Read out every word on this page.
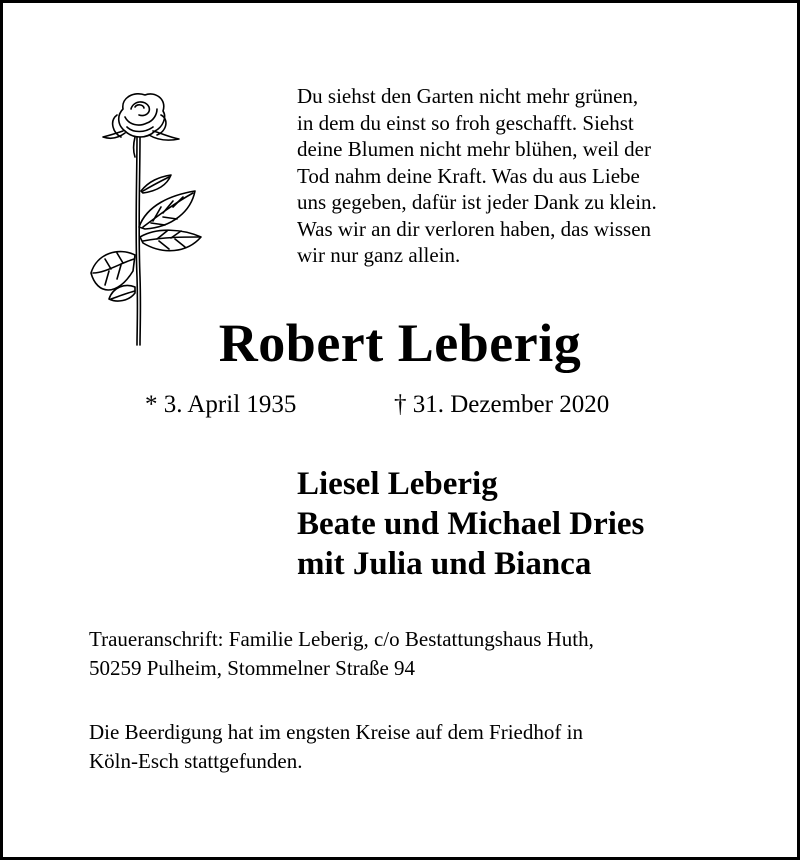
Du siehst den Garten nicht mehr grünen,
in dem du einst so froh geschafft. Siehst
deine Blumen nicht mehr blühen, weil der
Tod nahm deine Kraft. Was du aus Liebe
uns gegeben, dafür ist jeder Dank zu klein.
Was wir an dir verloren haben, das wissen
wir nur ganz allein.
Robert Leberig
* 3. April 1935	† 31. Dezember 2020
Liesel Leberig
Beate und Michael Dries
mit Julia und Bianca
Traueranschrift: Familie Leberig, c/o Bestattungshaus Huth,
50259 Pulheim, Stommelner Straße 94
Die Beerdigung hat im engsten Kreise auf dem Friedhof in
Köln-Esch stattgefunden.
